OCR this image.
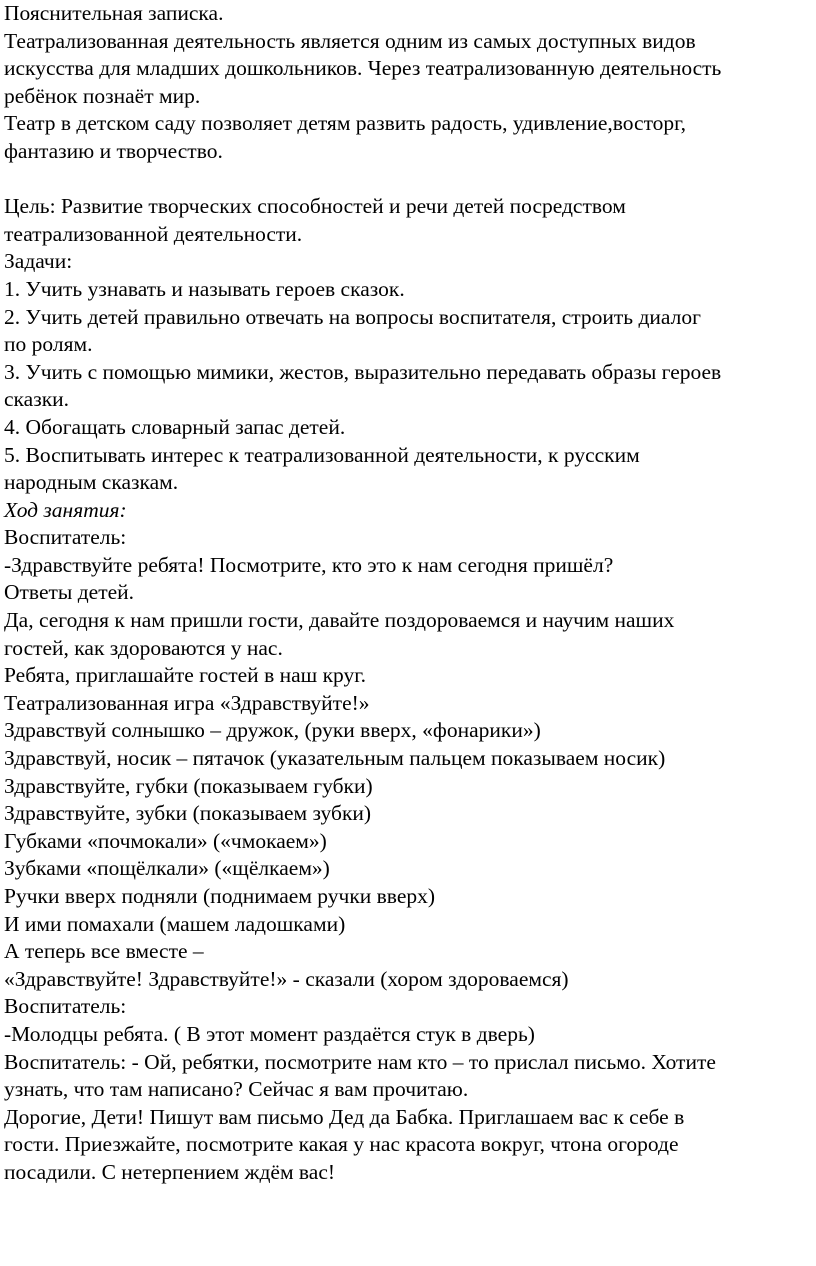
Пояснительная записка.
Театрализованная деятельность является одним из самых доступных видов
искусства для младших дошкольников. Через театрализованную деятельность
ребёнок познаёт мир.
Театр в детском саду позволяет детям развить радость, удивление,восторг,
фантазию и творчество.
Цель: Развитие творческих способностей и речи детей посредством
театрализованной деятельности.
Задачи:
1. Учить узнавать и называть героев сказок.
2. Учить детей правильно отвечать на вопросы воспитателя, строить диалог
по ролям.
3. Учить с помощью мимики, жестов, выразительно передавать образы героев
сказки.
4. Обогащать словарный запас детей.
5. Воспитывать интерес к театрализованной деятельности, к русским
народным сказкам.
Ход занятия:
Воспитатель:
-Здравствуйте ребята! Посмотрите, кто это к нам сегодня пришёл?
Ответы детей.
Да, сегодня к нам пришли гости, давайте поздороваемся и научим наших
гостей, как здороваются у нас.
Ребята, приглашайте гостей в наш круг.
Театрализованная игра «Здравствуйте!»
Здравствуй солнышко – дружок, (руки вверх, «фонарики»)
Здравствуй, носик – пятачок (указательным пальцем показываем носик)
Здравствуйте, губки (показываем губки)
Здравствуйте, зубки (показываем зубки)
Губками «почмокали» («чмокаем»)
Зубками «пощёлкали» («щёлкаем»)
Ручки вверх подняли (поднимаем ручки вверх)
И ими помахали (машем ладошками)
А теперь все вместе –
«Здравствуйте! Здравствуйте!» - сказали (хором здороваемся)
Воспитатель:
-Молодцы ребята. ( В этот момент раздаётся стук в дверь)
Воспитатель: - Ой, ребятки, посмотрите нам кто – то прислал письмо. Хотите
узнать, что там написано? Сейчас я вам прочитаю.
Дорогие, Дети! Пишут вам письмо Дед да Бабка. Приглашаем вас к себе в
гости. Приезжайте, посмотрите какая у нас красота вокруг, чтона огороде
посадили. С нетерпением ждём вас!
